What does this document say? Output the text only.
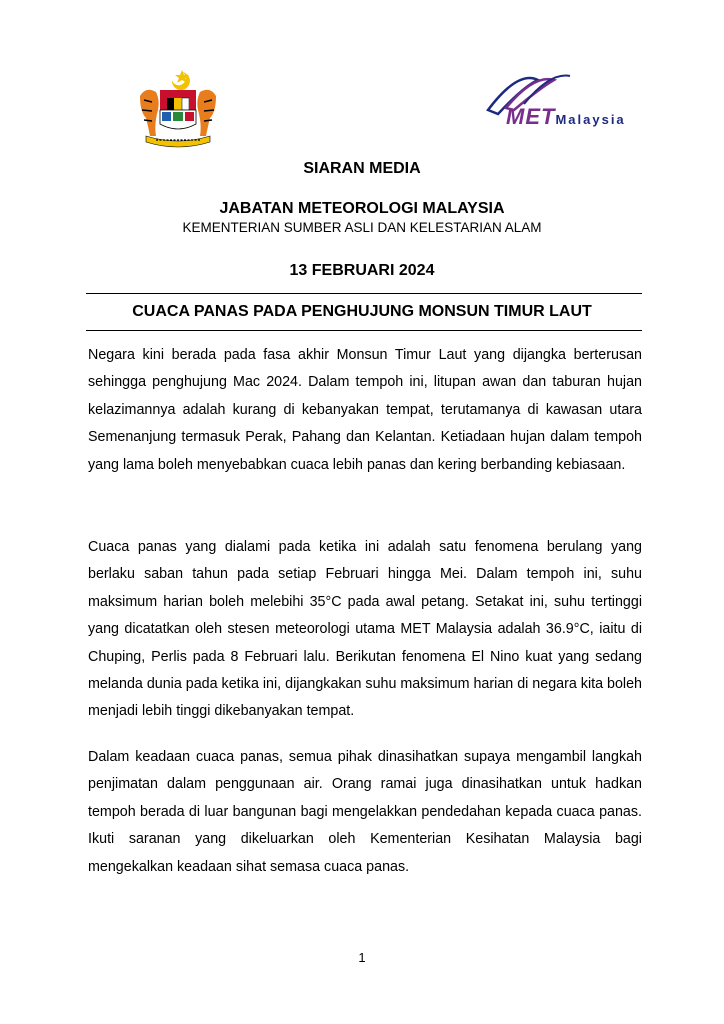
METMalaysia
SIARAN MEDIA
JABATAN METEOROLOGI MALAYSIA
KEMENTERIAN SUMBER ASLI DAN KELESTARIAN ALAM
13 FEBRUARI 2024
CUACA PANAS PADA PENGHUJUNG MONSUN TIMUR LAUT

Negara kini berada pada fasa akhir Monsun Timur Laut yang dijangka berterusan sehingga penghujung Mac 2024. Dalam tempoh ini, litupan awan dan taburan hujan kelazimannya adalah kurang di kebanyakan tempat, terutamanya di kawasan utara Semenanjung termasuk Perak, Pahang dan Kelantan. Ketiadaan hujan dalam tempoh yang lama boleh menyebabkan cuaca lebih panas dan kering berbanding kebiasaan.

Cuaca panas yang dialami pada ketika ini adalah satu fenomena berulang yang berlaku saban tahun pada setiap Februari hingga Mei. Dalam tempoh ini, suhu maksimum harian boleh melebihi 35°C pada awal petang. Setakat ini, suhu tertinggi yang dicatatkan oleh stesen meteorologi utama MET Malaysia adalah 36.9°C, iaitu di Chuping, Perlis pada 8 Februari lalu. Berikutan fenomena El Nino kuat yang sedang melanda dunia pada ketika ini, dijangkakan suhu maksimum harian di negara kita boleh menjadi lebih tinggi dikebanyakan tempat.

Dalam keadaan cuaca panas, semua pihak dinasihatkan supaya mengambil langkah penjimatan dalam penggunaan air. Orang ramai juga dinasihatkan untuk hadkan tempoh berada di luar bangunan bagi mengelakkan pendedahan kepada cuaca panas. Ikuti saranan yang dikeluarkan oleh Kementerian Kesihatan Malaysia bagi mengekalkan keadaan sihat semasa cuaca panas.

1
